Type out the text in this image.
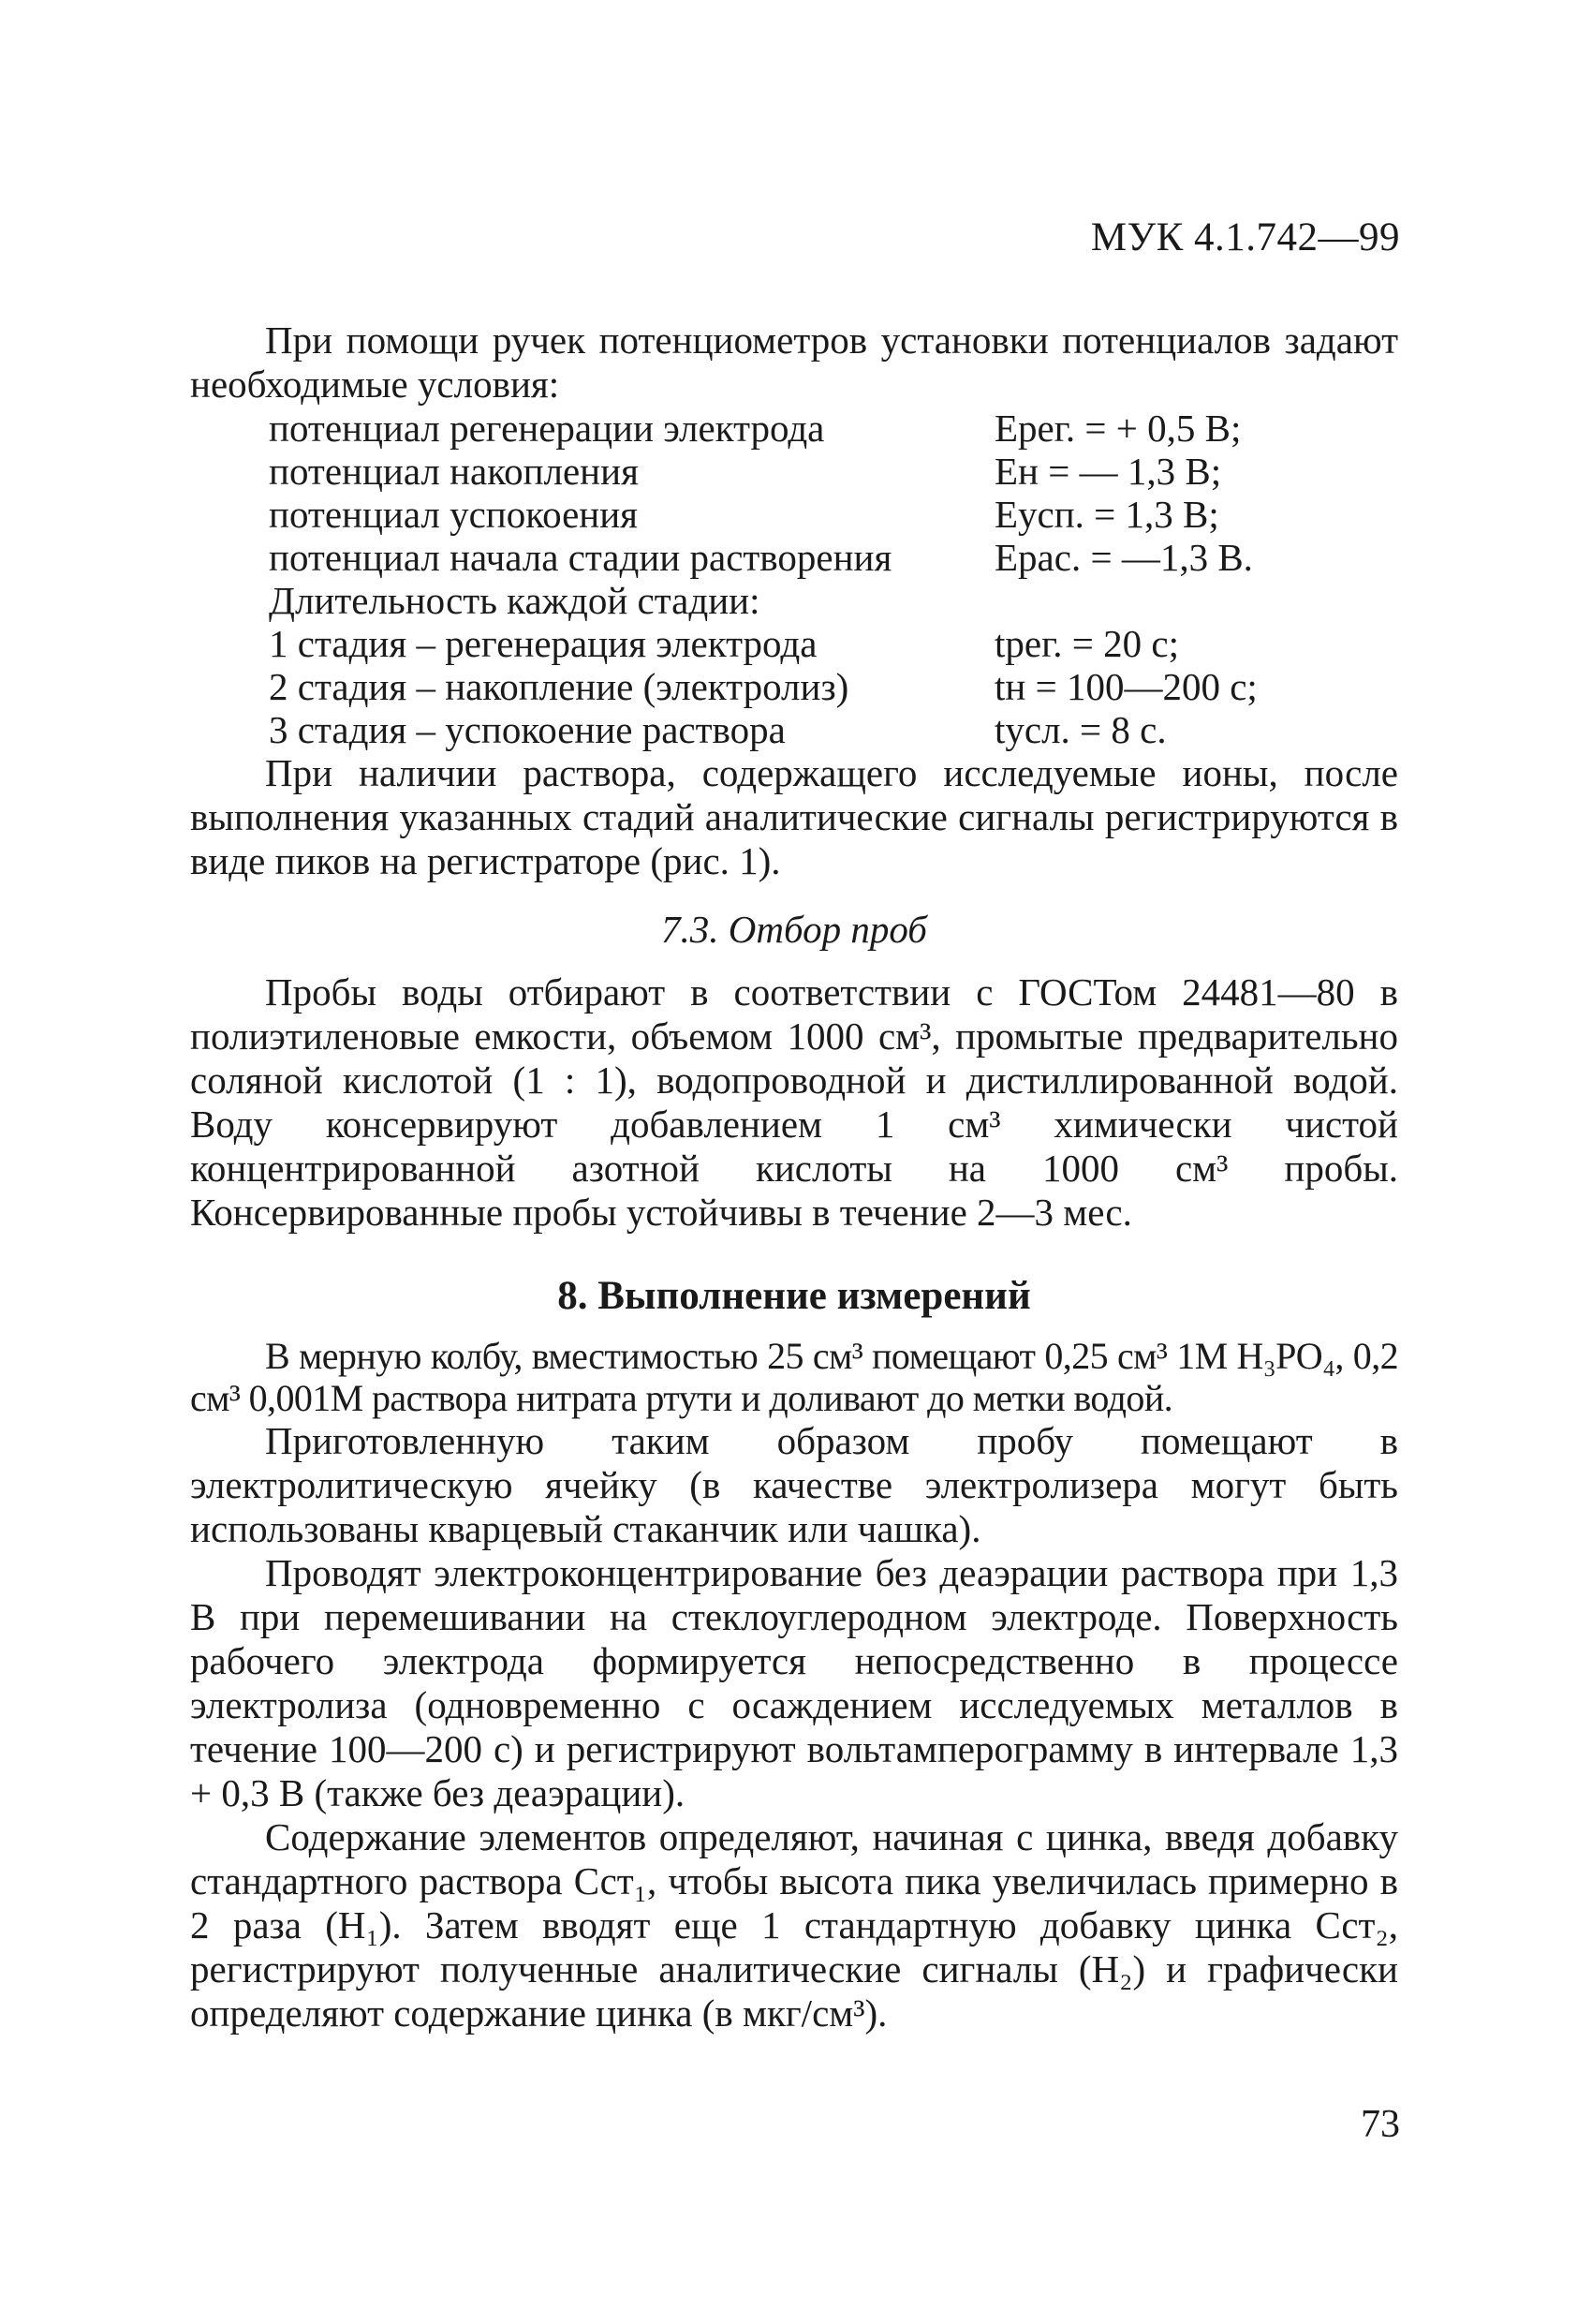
МУК 4.1.742—99

При помощи ручек потенциометров установки потенциалов задают необходимые условия:

потенциал регенерации электрода	Eрег. = + 0,5 В;
потенциал накопления	Eн = — 1,3 В;
потенциал успокоения	Eусп. = 1,3 В;
потенциал начала стадии растворения	Eрас. = —1,3 В.
Длительность каждой стадии:
1 стадия – регенерация электрода	tрег. = 20 с;
2 стадия – накопление (электролиз)	tн = 100—200 с;
3 стадия – успокоение раствора	tусл. = 8 с.

При наличии раствора, содержащего исследуемые ионы, после выполнения указанных стадий аналитические сигналы регистрируются в виде пиков на регистраторе (рис. 1).

7.3. Отбор проб

Пробы воды отбирают в соответствии с ГОСТом 24481—80 в полиэтиленовые емкости, объемом 1000 см³, промытые предварительно соляной кислотой (1 : 1), водопроводной и дистиллированной водой. Воду консервируют добавлением 1 см³ химически чистой концентрированной азотной кислоты на 1000 см³ пробы. Консервированные пробы устойчивы в течение 2—3 мес.

8. Выполнение измерений

В мерную колбу, вместимостью 25 см³ помещают 0,25 см³ 1М H₃PO₄, 0,2 см³ 0,001М раствора нитрата ртути и доливают до метки водой.

Приготовленную таким образом пробу помещают в электролитическую ячейку (в качестве электролизера могут быть использованы кварцевый стаканчик или чашка).

Проводят электроконцентрирование без деаэрации раствора при 1,3 В при перемешивании на стеклоуглеродном электроде. Поверхность рабочего электрода формируется непосредственно в процессе электролиза (одновременно с осаждением исследуемых металлов в течение 100—200 с) и регистрируют вольтамперограмму в интервале 1,3 + 0,3 В (также без деаэрации).

Содержание элементов определяют, начиная с цинка, введя добавку стандартного раствора Сст₁, чтобы высота пика увеличилась примерно в 2 раза (H₁). Затем вводят еще 1 стандартную добавку цинка Сст₂, регистрируют полученные аналитические сигналы (H₂) и графически определяют содержание цинка (в мкг/см³).

73
